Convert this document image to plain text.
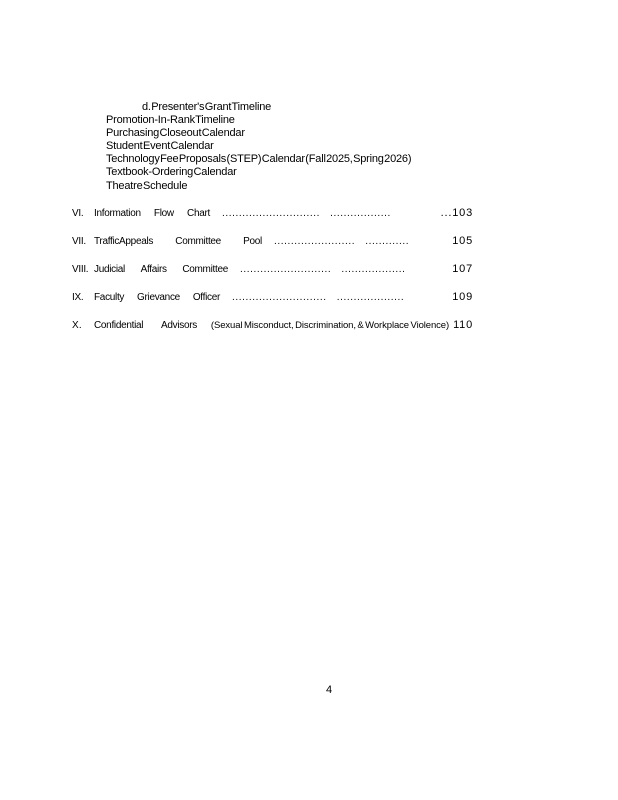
d. Presenter's Grant Timeline
Promotion-In-Rank Timeline
Purchasing Closeout Calendar
Student Event Calendar
Technology Fee Proposals (STEP) Calendar (Fall 2025, Spring 2026)
Textbook-Ordering Calendar
Theatre Schedule
VI.	Information Flow Chart .............................   ..................	...103
VII. Traffic Appeals Committee Pool ........................   .............	105
VIII. Judicial Affairs Committee ...........................   ...................	107
IX.	Faculty Grievance Officer ............................   ....................	109
X .	Confidential Advisors (Sexual Misconduct, Discrimination, & Workplace Violence) 110
4
